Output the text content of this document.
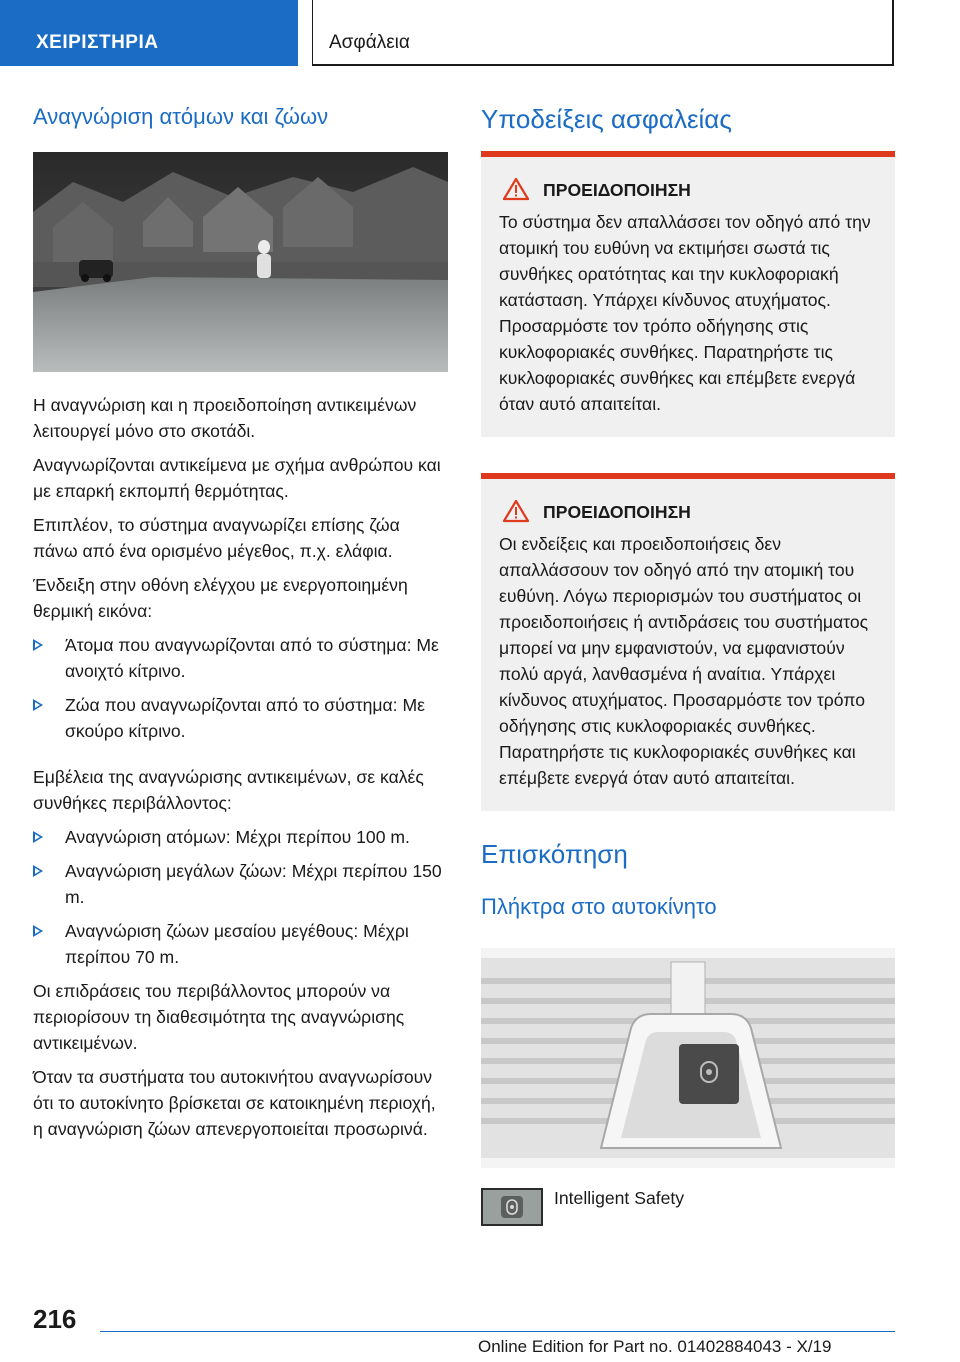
ΧΕΙΡΙΣΤΗΡΙΑ	Ασφάλεια
Αναγνώριση ατόμων και ζώων

Η αναγνώριση και η προειδοποίηση αντικειμένων λειτουργεί μόνο στο σκοτάδι.

Αναγνωρίζονται αντικείμενα με σχήμα ανθρώπου και με επαρκή εκπομπή θερμότητας.

Επιπλέον, το σύστημα αναγνωρίζει επίσης ζώα πάνω από ένα ορισμένο μέγεθος, π.χ. ελάφια.

Ένδειξη στην οθόνη ελέγχου με ενεργοποιημένη θερμική εικόνα:

Άτομα που αναγνωρίζονται από το σύστημα: Με ανοιχτό κίτρινο.
Ζώα που αναγνωρίζονται από το σύστημα: Με σκούρο κίτρινο.

Εμβέλεια της αναγνώρισης αντικειμένων, σε καλές συνθήκες περιβάλλοντος:

Αναγνώριση ατόμων: Μέχρι περίπου 100 m.
Αναγνώριση μεγάλων ζώων: Μέχρι περίπου 150 m.
Αναγνώριση ζώων μεσαίου μεγέθους: Μέχρι περίπου 70 m.

Οι επιδράσεις του περιβάλλοντος μπορούν να περιορίσουν τη διαθεσιμότητα της αναγνώρισης αντικειμένων.

Όταν τα συστήματα του αυτοκινήτου αναγνωρίσουν ότι το αυτοκίνητο βρίσκεται σε κατοικημένη περιοχή, η αναγνώριση ζώων απενεργοποιείται προσωρινά.

Υποδείξεις ασφαλείας
ΠΡΟΕΙΔΟΠΟΙΗΣΗ

Το σύστημα δεν απαλλάσσει τον οδηγό από την ατομική του ευθύνη να εκτιμήσει σωστά τις συνθήκες ορατότητας και την κυκλοφοριακή κατάσταση. Υπάρχει κίνδυνος ατυχήματος. Προσαρμόστε τον τρόπο οδήγησης στις κυκλοφοριακές συνθήκες. Παρατηρήστε τις κυκλοφοριακές συνθήκες και επέμβετε ενεργά όταν αυτό απαιτείται.

ΠΡΟΕΙΔΟΠΟΙΗΣΗ

Οι ενδείξεις και προειδοποιήσεις δεν απαλλάσσουν τον οδηγό από την ατομική του ευθύνη. Λόγω περιορισμών του συστήματος οι προειδοποιήσεις ή αντιδράσεις του συστήματος μπορεί να μην εμφανιστούν, να εμφανιστούν πολύ αργά, λανθασμένα ή αναίτια. Υπάρχει κίνδυνος ατυχήματος. Προσαρμόστε τον τρόπο οδήγησης στις κυκλοφοριακές συνθήκες. Παρατηρήστε τις κυκλοφοριακές συνθήκες και επέμβετε ενεργά όταν αυτό απαιτείται.

Επισκόπηση
Πλήκτρα στο αυτοκίνητο
Intelligent Safety
216
Online Edition for Part no. 01402884043 - X/19
